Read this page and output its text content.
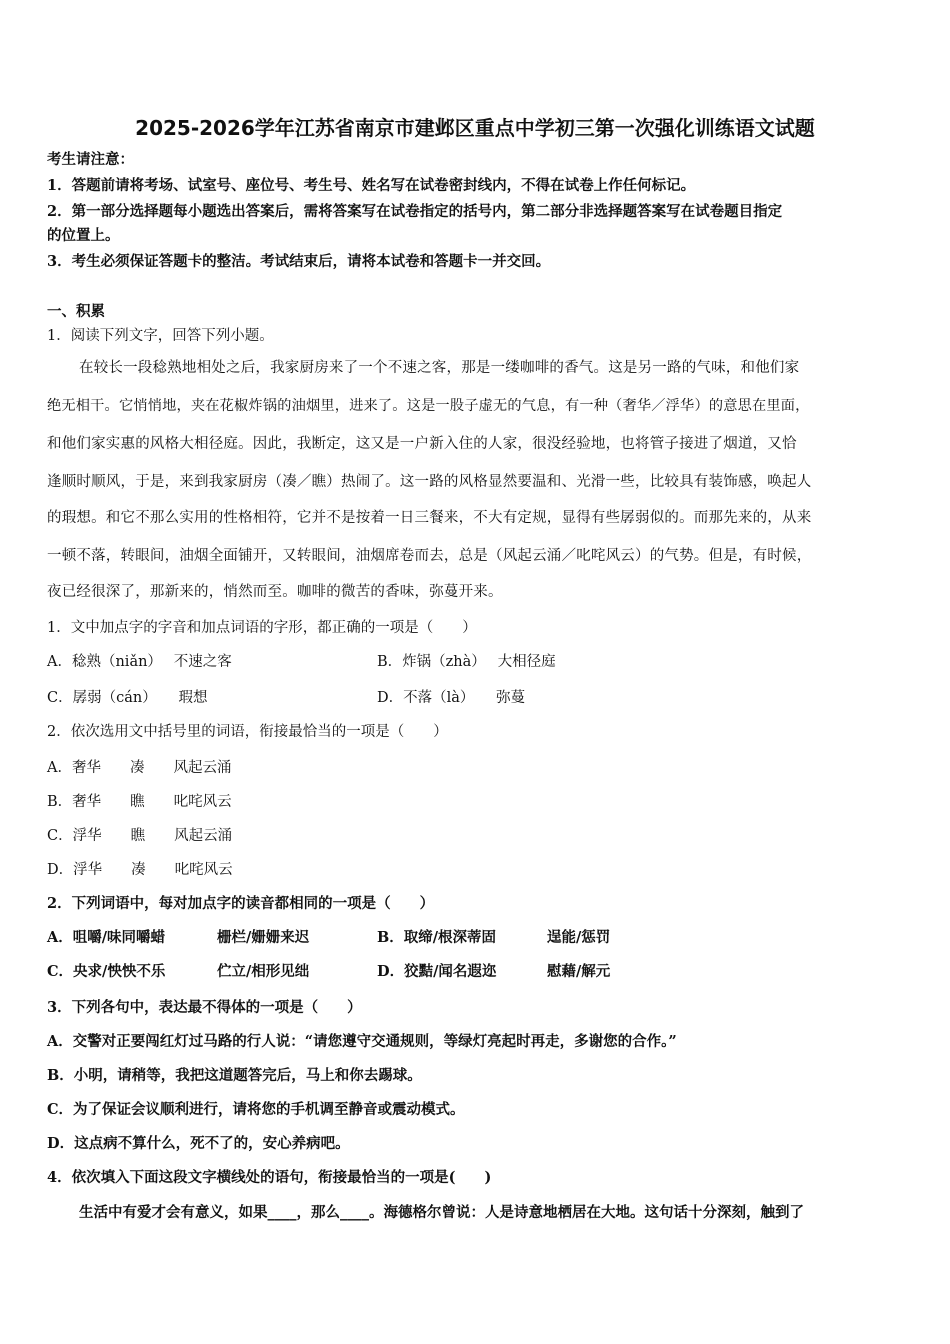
2025-2026学年江苏省南京市建邺区重点中学初三第一次强化训练语文试题
考生请注意：
1．答题前请将考场、试室号、座位号、考生号、姓名写在试卷密封线内，不得在试卷上作任何标记。
2．第一部分选择题每小题选出答案后，需将答案写在试卷指定的括号内，第二部分非选择题答案写在试卷题目指定
的位置上。
3．考生必须保证答题卡的整洁。考试结束后，请将本试卷和答题卡一并交回。
一、积累
1．阅读下列文字，回答下列小题。
在较长一段稔熟地相处之后，我家厨房来了一个不速之客，那是一缕咖啡的香气。这是另一路的气味，和他们家
绝无相干。它悄悄地，夹在花椒炸锅的油烟里，进来了。这是一股子虚无的气息，有一种（奢华／浮华）的意思在里面，
和他们家实惠的风格大相径庭。因此，我断定，这又是一户新入住的人家，很没经验地，也将管子接进了烟道，又恰
逢顺时顺风，于是，来到我家厨房（凑／瞧）热闹了。这一路的风格显然要温和、光滑一些，比较具有装饰感，唤起人
的瑕想。和它不那么实用的性格相符，它并不是按着一日三餐来，不大有定规，显得有些孱弱似的。而那先来的，从来
一顿不落，转眼间，油烟全面铺开，又转眼间，油烟席卷而去，总是（风起云涌／叱咤风云）的气势。但是，有时候，
夜已经很深了，那新来的，悄然而至。咖啡的微苦的香味，弥蔓开来。
1．文中加点字的字音和加点词语的字形，都正确的一项是（　　）
A．稔熟（niǎn）　 不速之客	B．炸锅（zhà）　 大相径庭
C．孱弱（cán）　　瑕想	D．不落（là）　　弥蔓
2．依次选用文中括号里的词语，衔接最恰当的一项是（　　）
A．奢华　　凑　　风起云涌
B．奢华　　瞧　　叱咤风云
C．浮华　　瞧　　风起云涌
D．浮华　　凑　　叱咤风云
2．下列词语中，每对加点字的读音都相同的一项是（　　）
A．咀嚼/味同嚼蜡	栅栏/姗姗来迟	B．取缔/根深蒂固	逞能/惩罚
C．央求/怏怏不乐	伫立/相形见绌	D．狡黠/闻名遐迩	慰藉/解元
3．下列各句中，表达最不得体的一项是（　　）
A．交警对正要闯红灯过马路的行人说：“请您遵守交通规则，等绿灯亮起时再走，多谢您的合作。”
B．小明，请稍等，我把这道题答完后，马上和你去踢球。
C．为了保证会议顺利进行，请将您的手机调至静音或震动模式。
D．这点病不算什么，死不了的，安心养病吧。
4．依次填入下面这段文字横线处的语句，衔接最恰当的一项是(　　)
生活中有爱才会有意义，如果____，那么____。海德格尔曾说：人是诗意地栖居在大地。这句话十分深刻，触到了
